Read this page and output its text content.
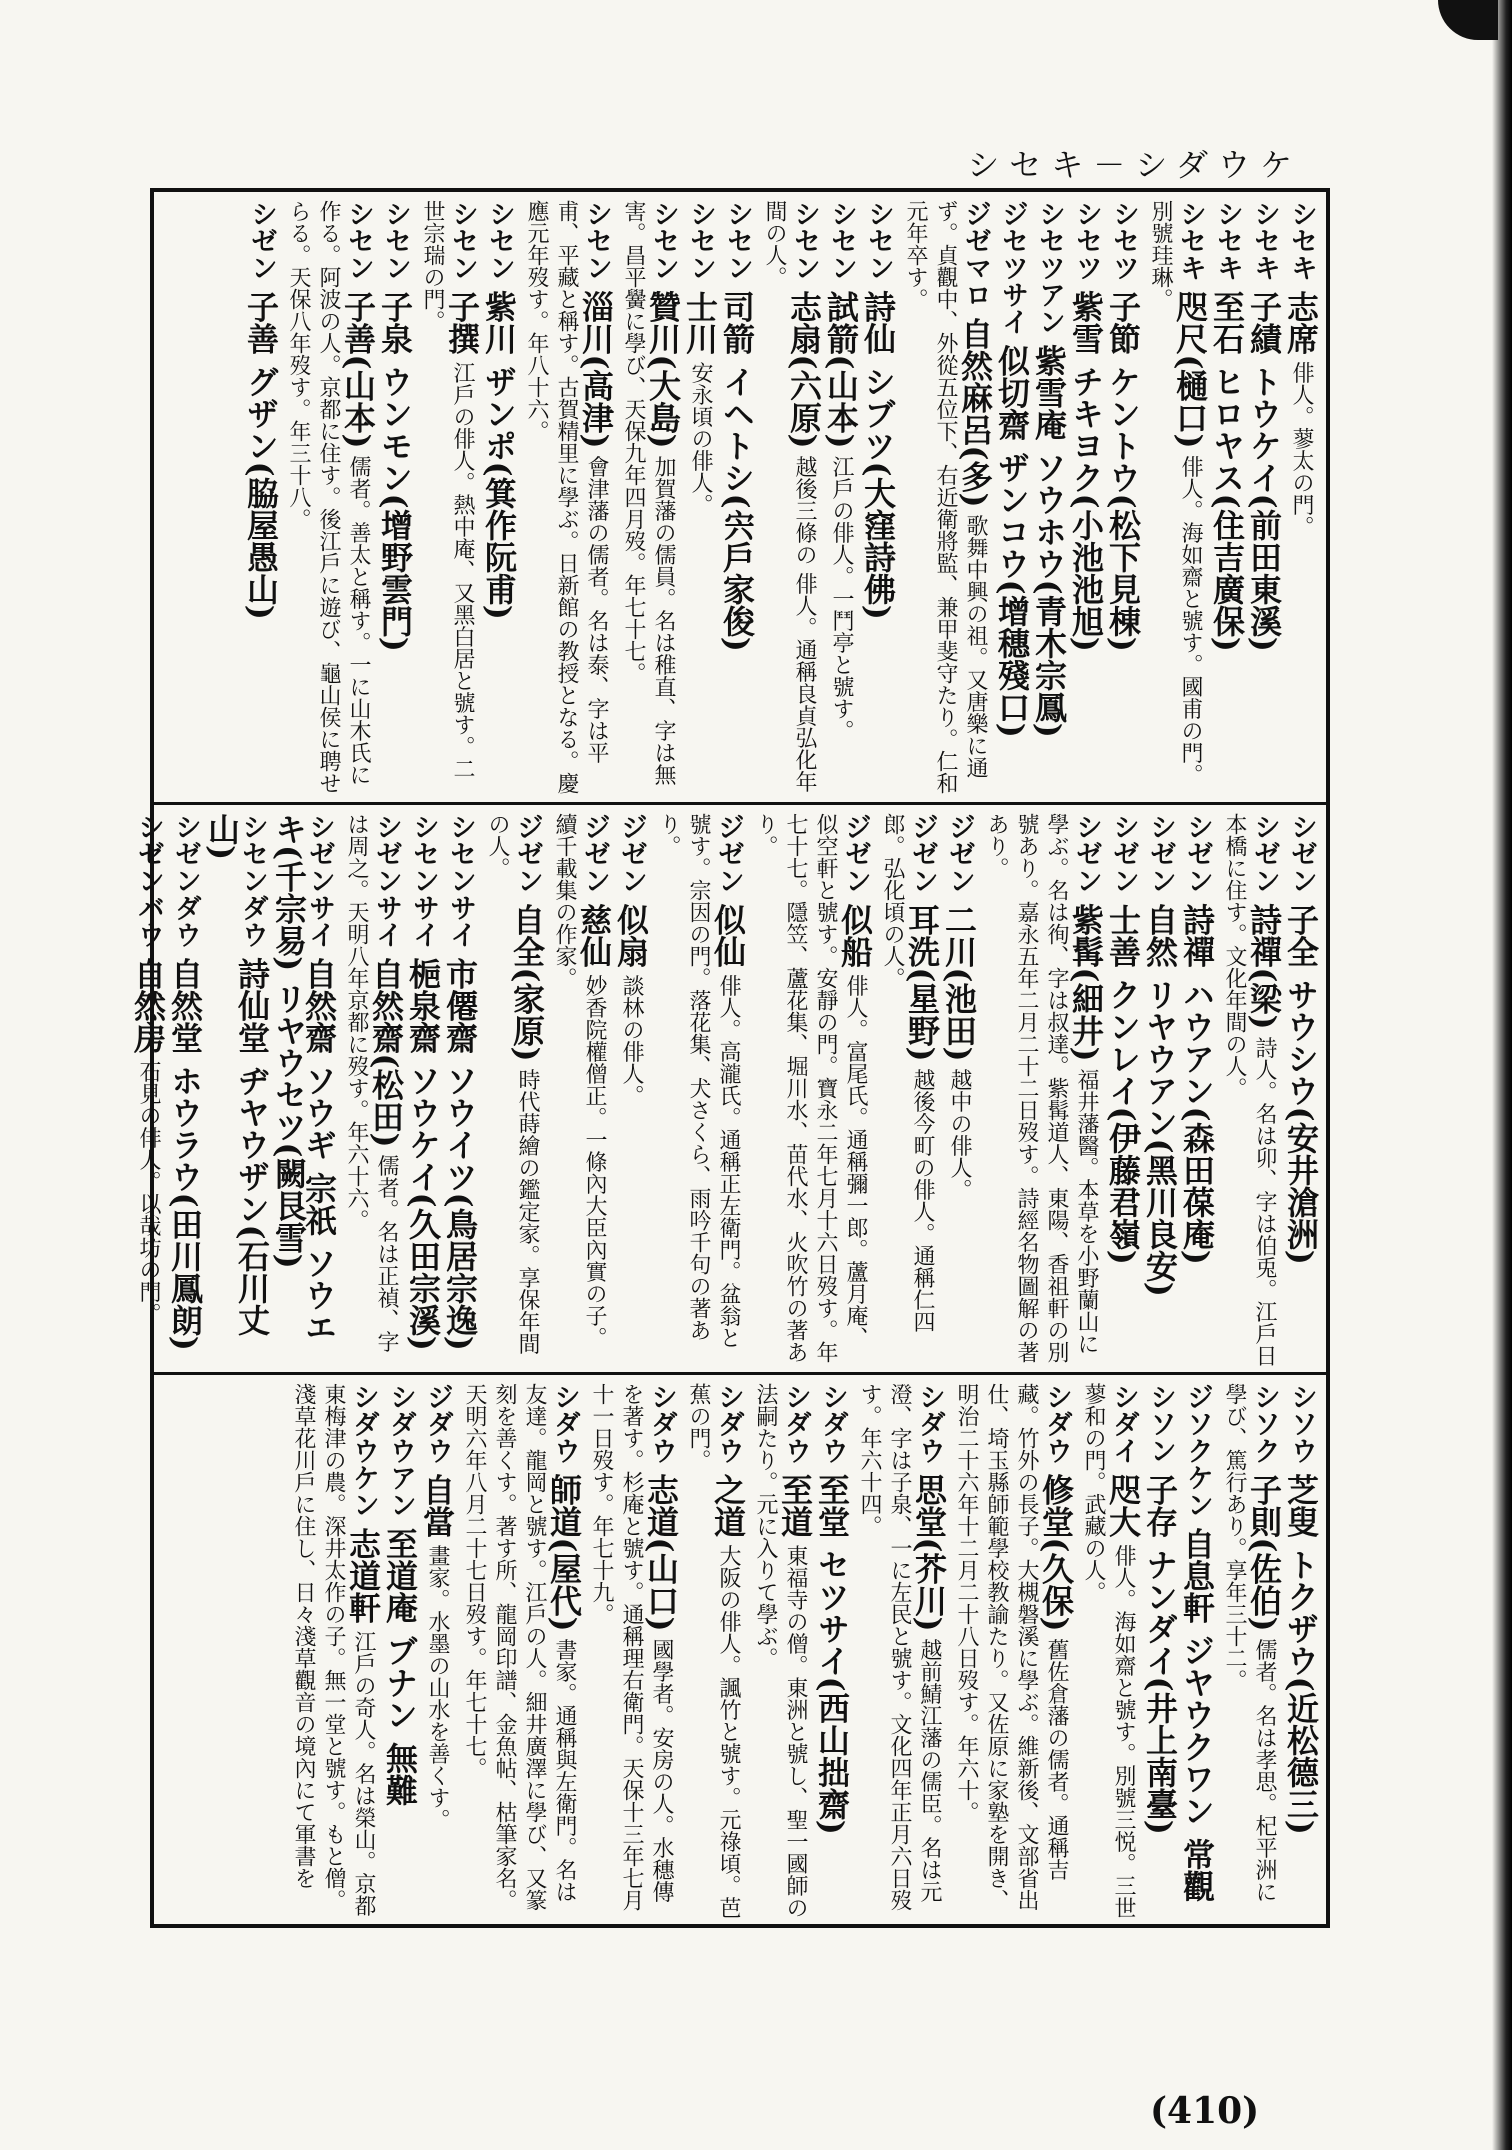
シセキ－シダウケ
シセキ 志席 俳人。蓼太の門。
シセキ 子績 トウケイ(前田東溪)
シセキ 至石 ヒロヤス(住吉廣保)
シセキ 咫尺(樋口) 俳人。海如齋と號す。國甫の門。別號珪琳。
シセツ 子節 ケントウ(松下見棟)
シセツ 紫雪 チキヨク(小池池旭)
シセツアン 紫雪庵 ソウホウ(青木宗鳳)
ジセツサイ 似切齋 ザンコウ(增穗殘口)
ジゼマロ 自然麻呂(多) 歌舞中興の祖。又唐樂に通ず。貞觀中、外從五位下、右近衛將監、兼甲斐守たり。仁和元年卒す。
シセン 詩仙 シブツ(大窪詩佛)
シセン 試箭(山本) 江戶の俳人。一鬥亭と號す。
シセン 志扇(六原) 越後三條の 俳人。通稱良貞弘化年間の人。
シセン 司箭 イヘトシ(宍戶家俊)
シセン 士川 安永頃の俳人。
シセン 贊川(大島) 加賀藩の儒員。名は稚直、字は無害。昌平黌に學び、天保九年四月歿。年七十七。
シセン 淄川(高津) 會津藩の儒者。名は泰、字は平甫、平藏と稱す。古賀精里に學ぶ。日新館の教授となる。慶應元年歿す。年八十六。
シセン 紫川 ザンポ(箕作阮甫)
シセン 子撰 江戶の俳人。熱中庵、又黑白居と號す。二世宗瑞の門。
シセン 子泉 ウンモン(增野雲門)
シセン 子善(山本) 儒者。善太と稱す。一に山木氏に作る。阿波の人。京都に住す。後江戶に遊び、龜山侯に聘せらる。天保八年歿す。年三十八。
シゼン 子善 グザン(脇屋愚山)
シゼン 子全 サウシウ(安井滄洲)
シゼン 詩禪(梁) 詩人。名は卯、字は伯兎。江戶日本橋に住す。文化年間の人。
シゼン 詩禪 ハウアン(森田葆庵)
シゼン 自然 リヤウアン(黑川良安)
シゼン 士善 クンレイ(伊藤君嶺)
シゼン 紫髯(細井) 福井藩醫。本草を小野蘭山に學ぶ。名は徇、字は叔達。紫髯道人、東陽、香祖軒の別號あり。嘉永五年二月二十二日歿す。詩經名物圖解の著あり。
ジゼン 二川(池田) 越中の俳人。
ジゼン 耳洗(星野) 越後今町の俳人。通稱仁四郎。弘化頃の人。
ジゼン 似船 俳人。富尾氏。通稱彌一郎。蘆月庵、似空軒と號す。安靜の門。寶永二年七月十六日歿す。年七十七。隱笠、蘆花集、堀川水、苗代水、火吹竹の著あり。
ジゼン 似仙 俳人。高瀧氏。通稱正左衛門。盆翁と號す。宗因の門。落花集、犬さくら、雨吟千句の著あり。
ジゼン 似扇 談林の俳人。
ジゼン 慈仙 妙香院權僧正。一條內大臣內實の子。續千載集の作家。
ジゼン 自全(家原) 時代蒔繪の鑑定家。享保年間の人。
シセンサイ 市僊齋 ソウイツ(鳥居宗逸)
シセンサイ 梔泉齋 ソウケイ(久田宗溪)
シゼンサイ 自然齋(松田) 儒者。名は正禎、字は周之。天明八年京都に歿す。年六十六。
シゼンサイ 自然齋 ソウギ 宗祇 ソウエキ(千宗易) リヤウセツ(闕艮雪)
シセンダウ 詩仙堂 ヂヤウザン(石川丈山)
シゼンダウ 自然堂 ホウラウ(田川鳳朗)
シゼンバウ 自然房 石見の俳人。以哉坊の門。
シソウ 芝叟 トクザウ(近松德三)
シソク 子則(佐伯) 儒者。名は孝思。杞平洲に學び、篤行あり。享年三十二。
ジソクケン 自息軒 ジヤウクワン 常觀
シソン 子存 ナンダイ(井上南臺)
シダイ 咫大 俳人。海如齋と號す。別號三悦。三世蓼和の門。武藏の人。
シダウ 修堂(久保) 舊佐倉藩の儒者。通稱吉藏。竹外の長子。大槻磐溪に學ぶ。維新後、文部省出仕、埼玉縣師範學校教諭たり。又佐原に家塾を開き、明治二十六年十二月二十八日歿す。年六十。
シダウ 思堂(芥川) 越前鯖江藩の儒臣。名は元澄、字は子泉、一に左民と號す。文化四年正月六日歿す。年六十四。
シダウ 至堂 セツサイ(西山拙齋)
シダウ 至道 東福寺の僧。東洲と號し、聖一國師の法嗣たり。元に入りて學ぶ。
シダウ 之道 大阪の俳人。諷竹と號す。元祿頃。芭蕉の門。
シダウ 志道(山口) 國學者。安房の人。水穗傳を著す。杉庵と號す。通稱理右衛門。天保十三年七月十一日歿す。年七十九。
シダウ 師道(屋代) 書家。通稱與左衛門。名は友達。龍岡と號す。江戶の人。細井廣澤に學び、又篆刻を善くす。著す所、龍岡印譜、金魚帖、枯筆家名。天明六年八月二十七日歿す。年七十七。
ジダウ 自當 畫家。水墨の山水を善くす。
シダウアン 至道庵 ブナン 無難
シダウケン 志道軒 江戶の奇人。名は榮山。京都東梅津の農。深井太作の子。無一堂と號す。もと僧。淺草花川戶に住し、日々淺草觀音の境內にて軍書を
(410)
